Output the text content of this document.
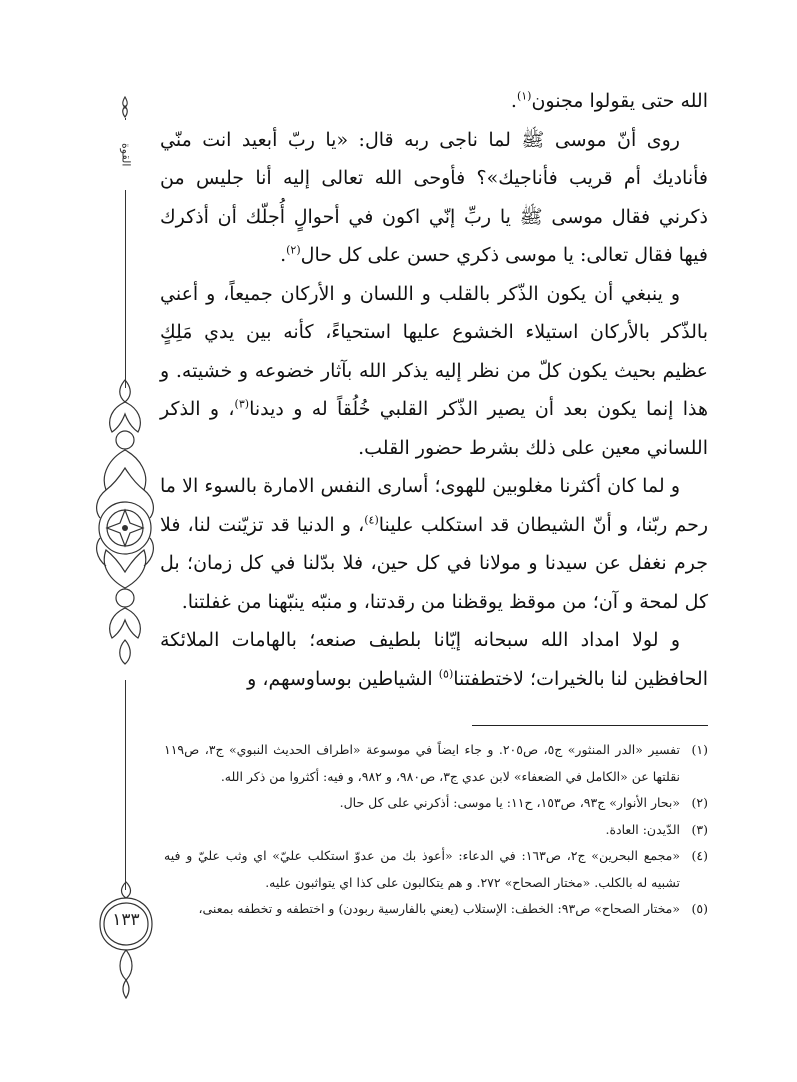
القوة
١٣٣

الله حتى يقولوا مجنون$^{(١)}$.

روى أنّ موسى ﷺ لما ناجى ربه قال: «يا ربّ أبعيد انت منّي فأناديك أم قريب فأناجيك»؟ فأوحى الله تعالى إليه أنا جليس من ذكرني فقال موسى ﷺ يا ربِّ إنّي اكون في أحوالٍ أُجلّك أن أذكرك فيها فقال تعالى: يا موسى ذكري حسن على كل حال$^{(٢)}$.

و ينبغي أن يكون الذّكر بالقلب و اللسان و الأركان جميعاً، و أعني بالذّكر بالأركان استيلاء الخشوع عليها استحياءً، كأنه بين يدي مَلِكٍ عظيم بحيث يكون كلّ من نظر إليه يذكر الله بآثار خضوعه و خشيته. و هذا إنما يكون بعد أن يصير الذّكر القلبي خُلُقاً له و ديدنا$^{(٣)}$، و الذكر اللساني معين على ذلك بشرط حضور القلب.

و لما كان أكثرنا مغلوبين للهوى؛ أسارى النفس الامارة بالسوء الا ما رحم ربّنا، و أنّ الشيطان قد استكلب علينا$^{(٤)}$، و الدنيا قد تزيّنت لنا، فلا جرم نغفل عن سيدنا و مولانا في كل حين، فلا بدّلنا في كل زمان؛ بل كل لمحة و آن؛ من موقظ يوقظنا من رقدتنا، و منبّه ينبّهنا من غفلتنا.

و لولا امداد الله سبحانه إيّانا بلطيف صنعه؛ بالهامات الملائكة الحافظين لنا بالخيرات؛ لاختطفتنا$^{(٥)}$ الشياطين بوساوسهم، و

(١)تفسير «الدر المنثور» ج٥، ص٢٠٥. و جاء ايضاً في موسوعة «اطراف الحديث النبوي» ج٣، ص١١٩ نقلتها عن «الكامل في الضعفاء» لابن عدي ج٣، ص٩٨٠، و ٩٨٢، و فيه: أكثروا من ذكر الله.

(٢)«بحار الأنوار» ج٩٣، ص١٥٣، ح١١: يا موسى: أذكرني على كل حال.

(٣)الدّيدن: العادة.

(٤)«مجمع البحرين» ج٢، ص١٦٣: في الدعاء: «أعوذ بك من عدوّ استكلب عليّ» اي وثب عليّ و فيه تشبيه له بالكلب. «مختار الصحاح» ٢٧٢. و هم يتكالبون على كذا اي يتواثبون عليه.

(٥)«مختار الصحاح» ص٩٣: الخطف: الإستلاب (يعني بالفارسية ربودن) و اختطفه و تخطفه بمعنى،
